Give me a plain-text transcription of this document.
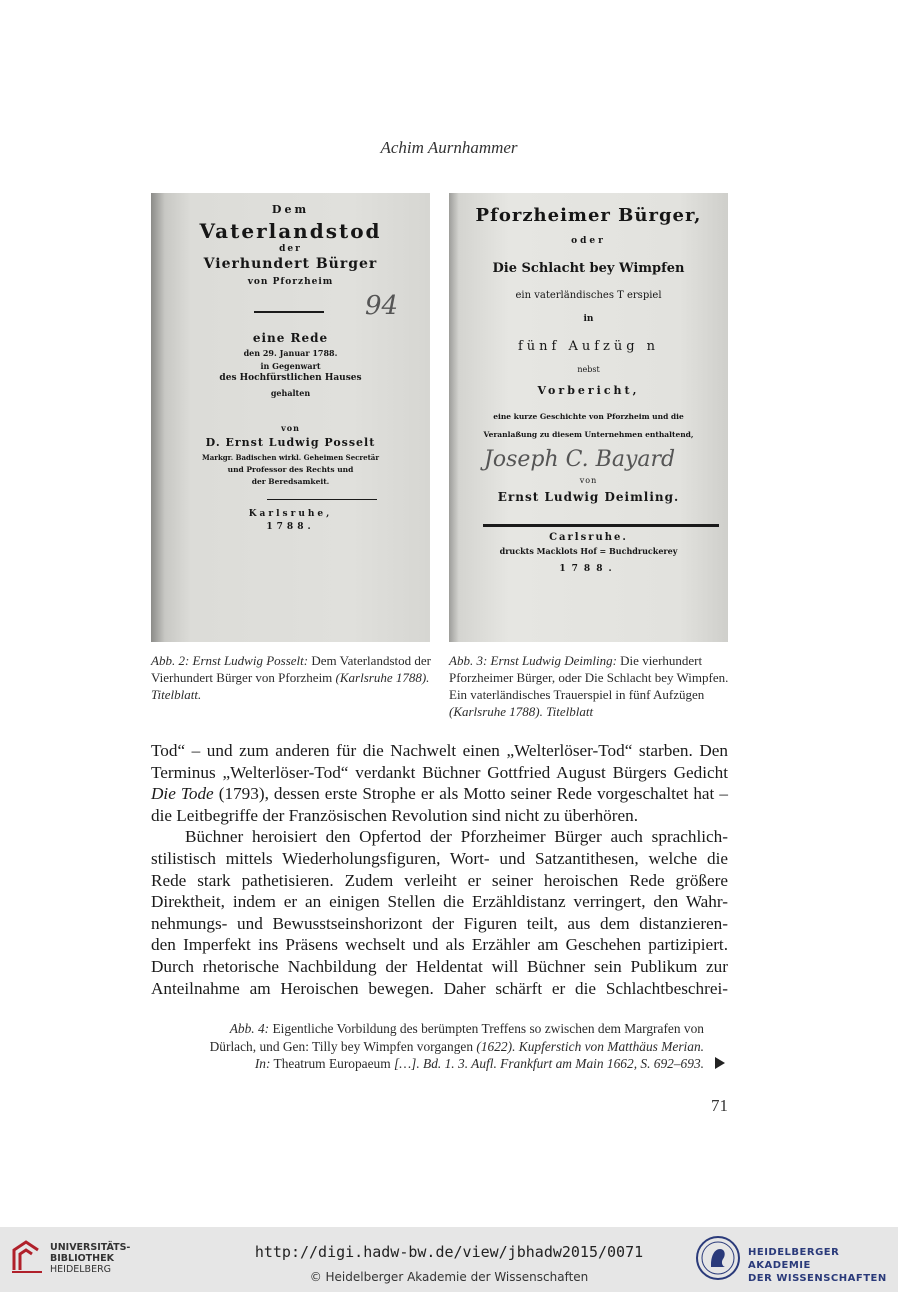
Achim Aurnhammer
Dem
Vaterlandstod
der
Vierhundert Bürger
von Pforzheim
94
eine Rede
den 29. Januar 1788.
in Gegenwart
des Hochfürstlichen Hauses
gehalten
von
D. Ernst Ludwig Posselt
Markgr. Badischen wirkl. Geheimen Secretär
und Professor des Rechts und
der Beredsamkeit.
Karlsruhe,
1788.
Pforzheimer Bürger,
oder
Die Schlacht bey Wimpfen
ein vaterländisches T erspiel
in
fünf Aufzüg n
nebst
Vorbericht,
eine kurze Geschichte von Pforzheim und die
Veranlaßung zu diesem Unternehmen enthaltend,
Joseph C. Bayard
von
Ernst Ludwig Deimling.
Carlsruhe.
druckts Macklots Hof = Buchdruckerey
1788.
Abb. 2: Ernst Ludwig Posselt: Dem Vaterlandstod der Vierhundert Bürger von Pforzheim (Karlsruhe 1788). Titelblatt.
Abb. 3: Ernst Ludwig Deimling: Die vierhundert Pforzheimer Bürger, oder Die Schlacht bey Wimpfen. Ein vaterländisches Trauerspiel in fünf Aufzügen (Karlsruhe 1788). Titelblatt

Tod“ – und zum anderen für die Nachwelt einen „Welterlöser-Tod“ starben. Den

Terminus „Welterlöser-Tod“ verdankt Büchner Gottfried August Bürgers Gedicht

Die Tode (1793), dessen erste Strophe er als Motto seiner Rede vorgeschaltet hat –

die Leitbegriffe der Französischen Revolution sind nicht zu überhören.

Büchner heroisiert den Opfertod der Pforzheimer Bürger auch sprachlich-

stilistisch mittels Wiederholungsfiguren, Wort- und Satzantithesen, welche die

Rede stark pathetisieren. Zudem verleiht er seiner heroischen Rede größere

Direktheit, indem er an einigen Stellen die Erzähldistanz verringert, den Wahr-

nehmungs- und Bewusstseinshorizont der Figuren teilt, aus dem distanzieren-

den Imperfekt ins Präsens wechselt und als Erzähler am Geschehen partizipiert.

Durch rhetorische Nachbildung der Heldentat will Büchner sein Publikum zur

Anteilnahme am Heroischen bewegen. Daher schärft er die Schlachtbeschrei-

Abb. 4: Eigentliche Vorbildung des berümpten Treffens so zwischen dem Margrafen von
Dürlach, und Gen: Tilly bey Wimpfen vorgangen (1622). Kupferstich von Matthäus Merian.
In: Theatrum Europaeum […]. Bd. 1. 3. Aufl. Frankfurt am Main 1662, S. 692–693.
71
UNIVERSITÄTS-
BIBLIOTHEK
HEIDELBERG
http://digi.hadw-bw.de/view/jbhadw2015/0071
© Heidelberger Akademie der Wissenschaften
HEIDELBERGER AKADEMIE
DER WISSENSCHAFTEN
